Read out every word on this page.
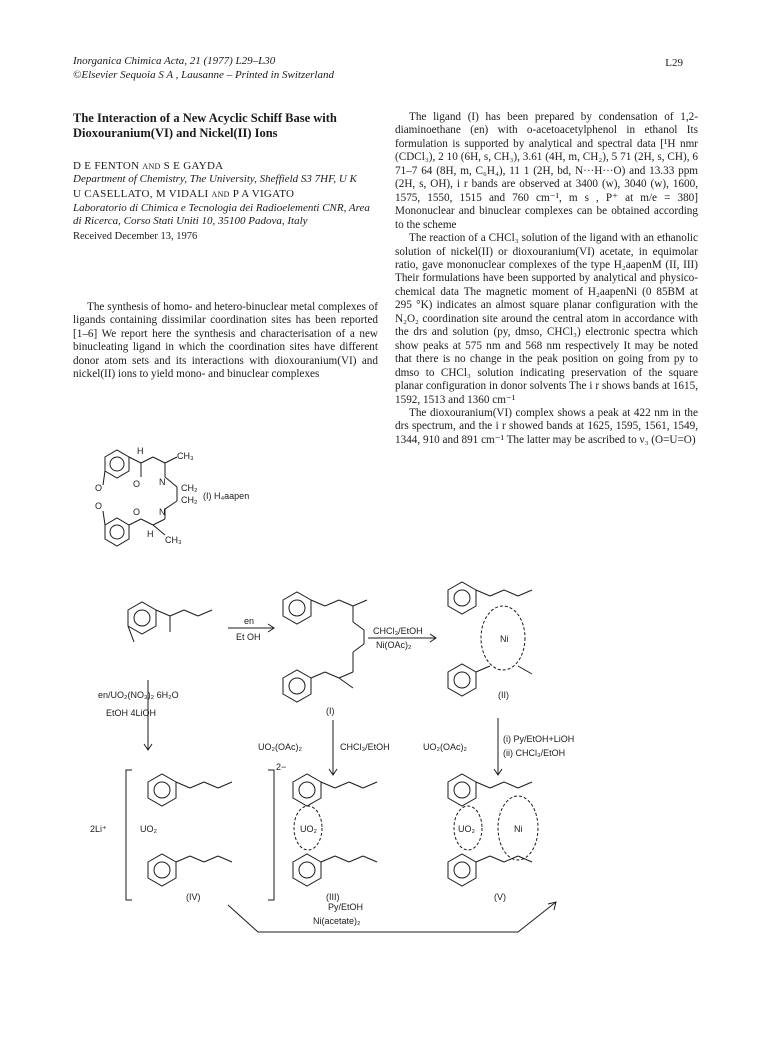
Inorganica Chimica Acta, 21 (1977) L29–L30
©Elsevier Sequoia S A , Lausanne – Printed in Switzerland
L29
The Interaction of a New Acyclic Schiff Base with Dioxouranium(VI) and Nickel(II) Ions
D E FENTON and S E GAYDA
Department of Chemistry, The University, Sheffield S3 7HF, U K
U CASELLATO, M VIDALI and P A VIGATO
Laboratorio di Chimica e Tecnologia dei Radioelementi CNR, Area di Ricerca, Corso Stati Uniti 10, 35100 Padova, Italy
Received December 13, 1976
The synthesis of homo- and hetero-binuclear metal complexes of ligands containing dissimilar coordination sites has been reported [1–6] We report here the synthesis and characterisation of a new binucleating ligand in which the coordination sites have different donor atom sets and its interactions with dioxouranium(VI) and nickel(II) ions to yield mono- and binuclear complexes

The ligand (I) has been prepared by condensation of 1,2-diaminoethane (en) with o-acetoacetylphenol in ethanol Its formulation is supported by analytical and spectral data [¹H nmr (CDCl₃), 2 10 (6H, s, CH₃), 3.61 (4H, m, CH₂), 5 71 (2H, s, CH), 6 71–7 64 (8H, m, C₆H₄), 11 1 (2H, bd, N···H···O) and 13.33 ppm (2H, s, OH), i r bands are observed at 3400 (w), 3040 (w), 1600, 1575, 1550, 1515 and 760 cm⁻¹, m s , P⁺ at m/e = 380] Mononuclear and binuclear complexes can be obtained according to the scheme

The reaction of a CHCl₃ solution of the ligand with an ethanolic solution of nickel(II) or dioxouranium(VI) acetate, in equimolar ratio, gave mononuclear complexes of the type H₂aapenM (II, III) Their formulations have been supported by analytical and physico-chemical data The magnetic moment of H₂aapenNi (0 85BM at 295 °K) indicates an almost square planar configuration with the N₂O₂ coordination site around the central atom in accordance with the drs and solution (py, dmso, CHCl₃) electronic spectra which show peaks at 575 nm and 568 nm respectively It may be noted that there is no change in the peak position on going from py to dmso to CHCl₃ solution indicating preservation of the square planar configuration in donor solvents The i r shows bands at 1615, 1592, 1513 and 1360 cm⁻¹

The dioxouranium(VI) complex shows a peak at 422 nm in the drs spectrum, and the i r showed bands at 1625, 1595, 1561, 1549, 1344, 910 and 891 cm⁻¹ The latter may be ascribed to ν₃ (O=U=O)

H	CH₃
O	O N
CH₂
CH₂
N
O
O
CH₃
H
(I) H₄aapen
en
Et OH
CHCl₃/EtOH
Ni(OAc)₂
en/UO₂(NO₃)₂ 6H₂O
EtOH 4LiOH
UO₂(OAc)₂	CHCl₃/EtOH	UO₂(OAc)₂
(i) Py/EtOH+LiOH
(ii) CHCl₃/EtOH
Py/EtOH
Ni(acetate)₂
(I)
(II)
(III)
(IV)	(V)
2−
2Li⁺	UO₂	UO₂	UO₂
Ni
Ni
